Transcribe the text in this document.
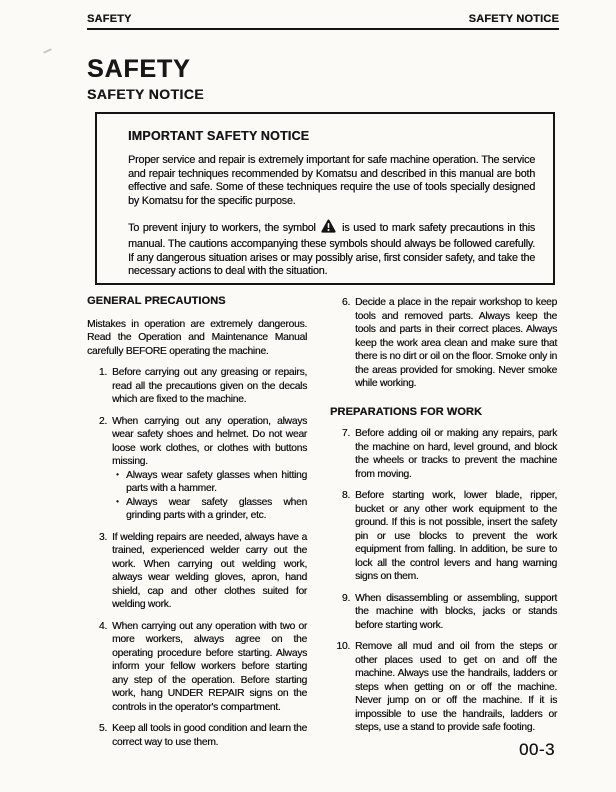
SAFETY	SAFETY NOTICE
SAFETY
SAFETY NOTICE
IMPORTANT SAFETY NOTICE
Proper service and repair is extremely important for safe machine operation. The service and repair techniques recommended by Komatsu and described in this manual are both effective and safe. Some of these techniques require the use of tools specially designed by Komatsu for the specific purpose.
To prevent injury to workers, the symbol is used to mark safety precautions in this manual. The cautions accompanying these symbols should always be followed carefully. If any dangerous situation arises or may possibly arise, first consider safety, and take the necessary actions to deal with the situation.
GENERAL PRECAUTIONS
Mistakes in operation are extremely dangerous. Read the Operation and Maintenance Manual carefully BEFORE operating the machine.
1. Before carrying out any greasing or repairs, read all the precautions given on the decals which are fixed to the machine.
2. When carrying out any operation, always wear safety shoes and helmet. Do not wear loose work clothes, or clothes with buttons missing.
• Always wear safety glasses when hitting parts with a hammer.
• Always wear safety glasses when grinding parts with a grinder, etc.
3. If welding repairs are needed, always have a trained, experienced welder carry out the work. When carrying out welding work, always wear welding gloves, apron, hand shield, cap and other clothes suited for welding work.
4. When carrying out any operation with two or more workers, always agree on the operating procedure before starting. Always inform your fellow workers before starting any step of the operation. Before starting work, hang UNDER REPAIR signs on the controls in the operator's compartment.
5. Keep all tools in good condition and learn the correct way to use them.
6. Decide a place in the repair workshop to keep tools and removed parts. Always keep the tools and parts in their correct places. Always keep the work area clean and make sure that there is no dirt or oil on the floor. Smoke only in the areas provided for smoking. Never smoke while working.
PREPARATIONS FOR WORK
7. Before adding oil or making any repairs, park the machine on hard, level ground, and block the wheels or tracks to prevent the machine from moving.
8. Before starting work, lower blade, ripper, bucket or any other work equipment to the ground. If this is not possible, insert the safety pin or use blocks to prevent the work equipment from falling. In addition, be sure to lock all the control levers and hang warning signs on them.
9. When disassembling or assembling, support the machine with blocks, jacks or stands before starting work.
10. Remove all mud and oil from the steps or other places used to get on and off the machine. Always use the handrails, ladders or steps when getting on or off the machine. Never jump on or off the machine. If it is impossible to use the handrails, ladders or steps, use a stand to provide safe footing.
00-3
